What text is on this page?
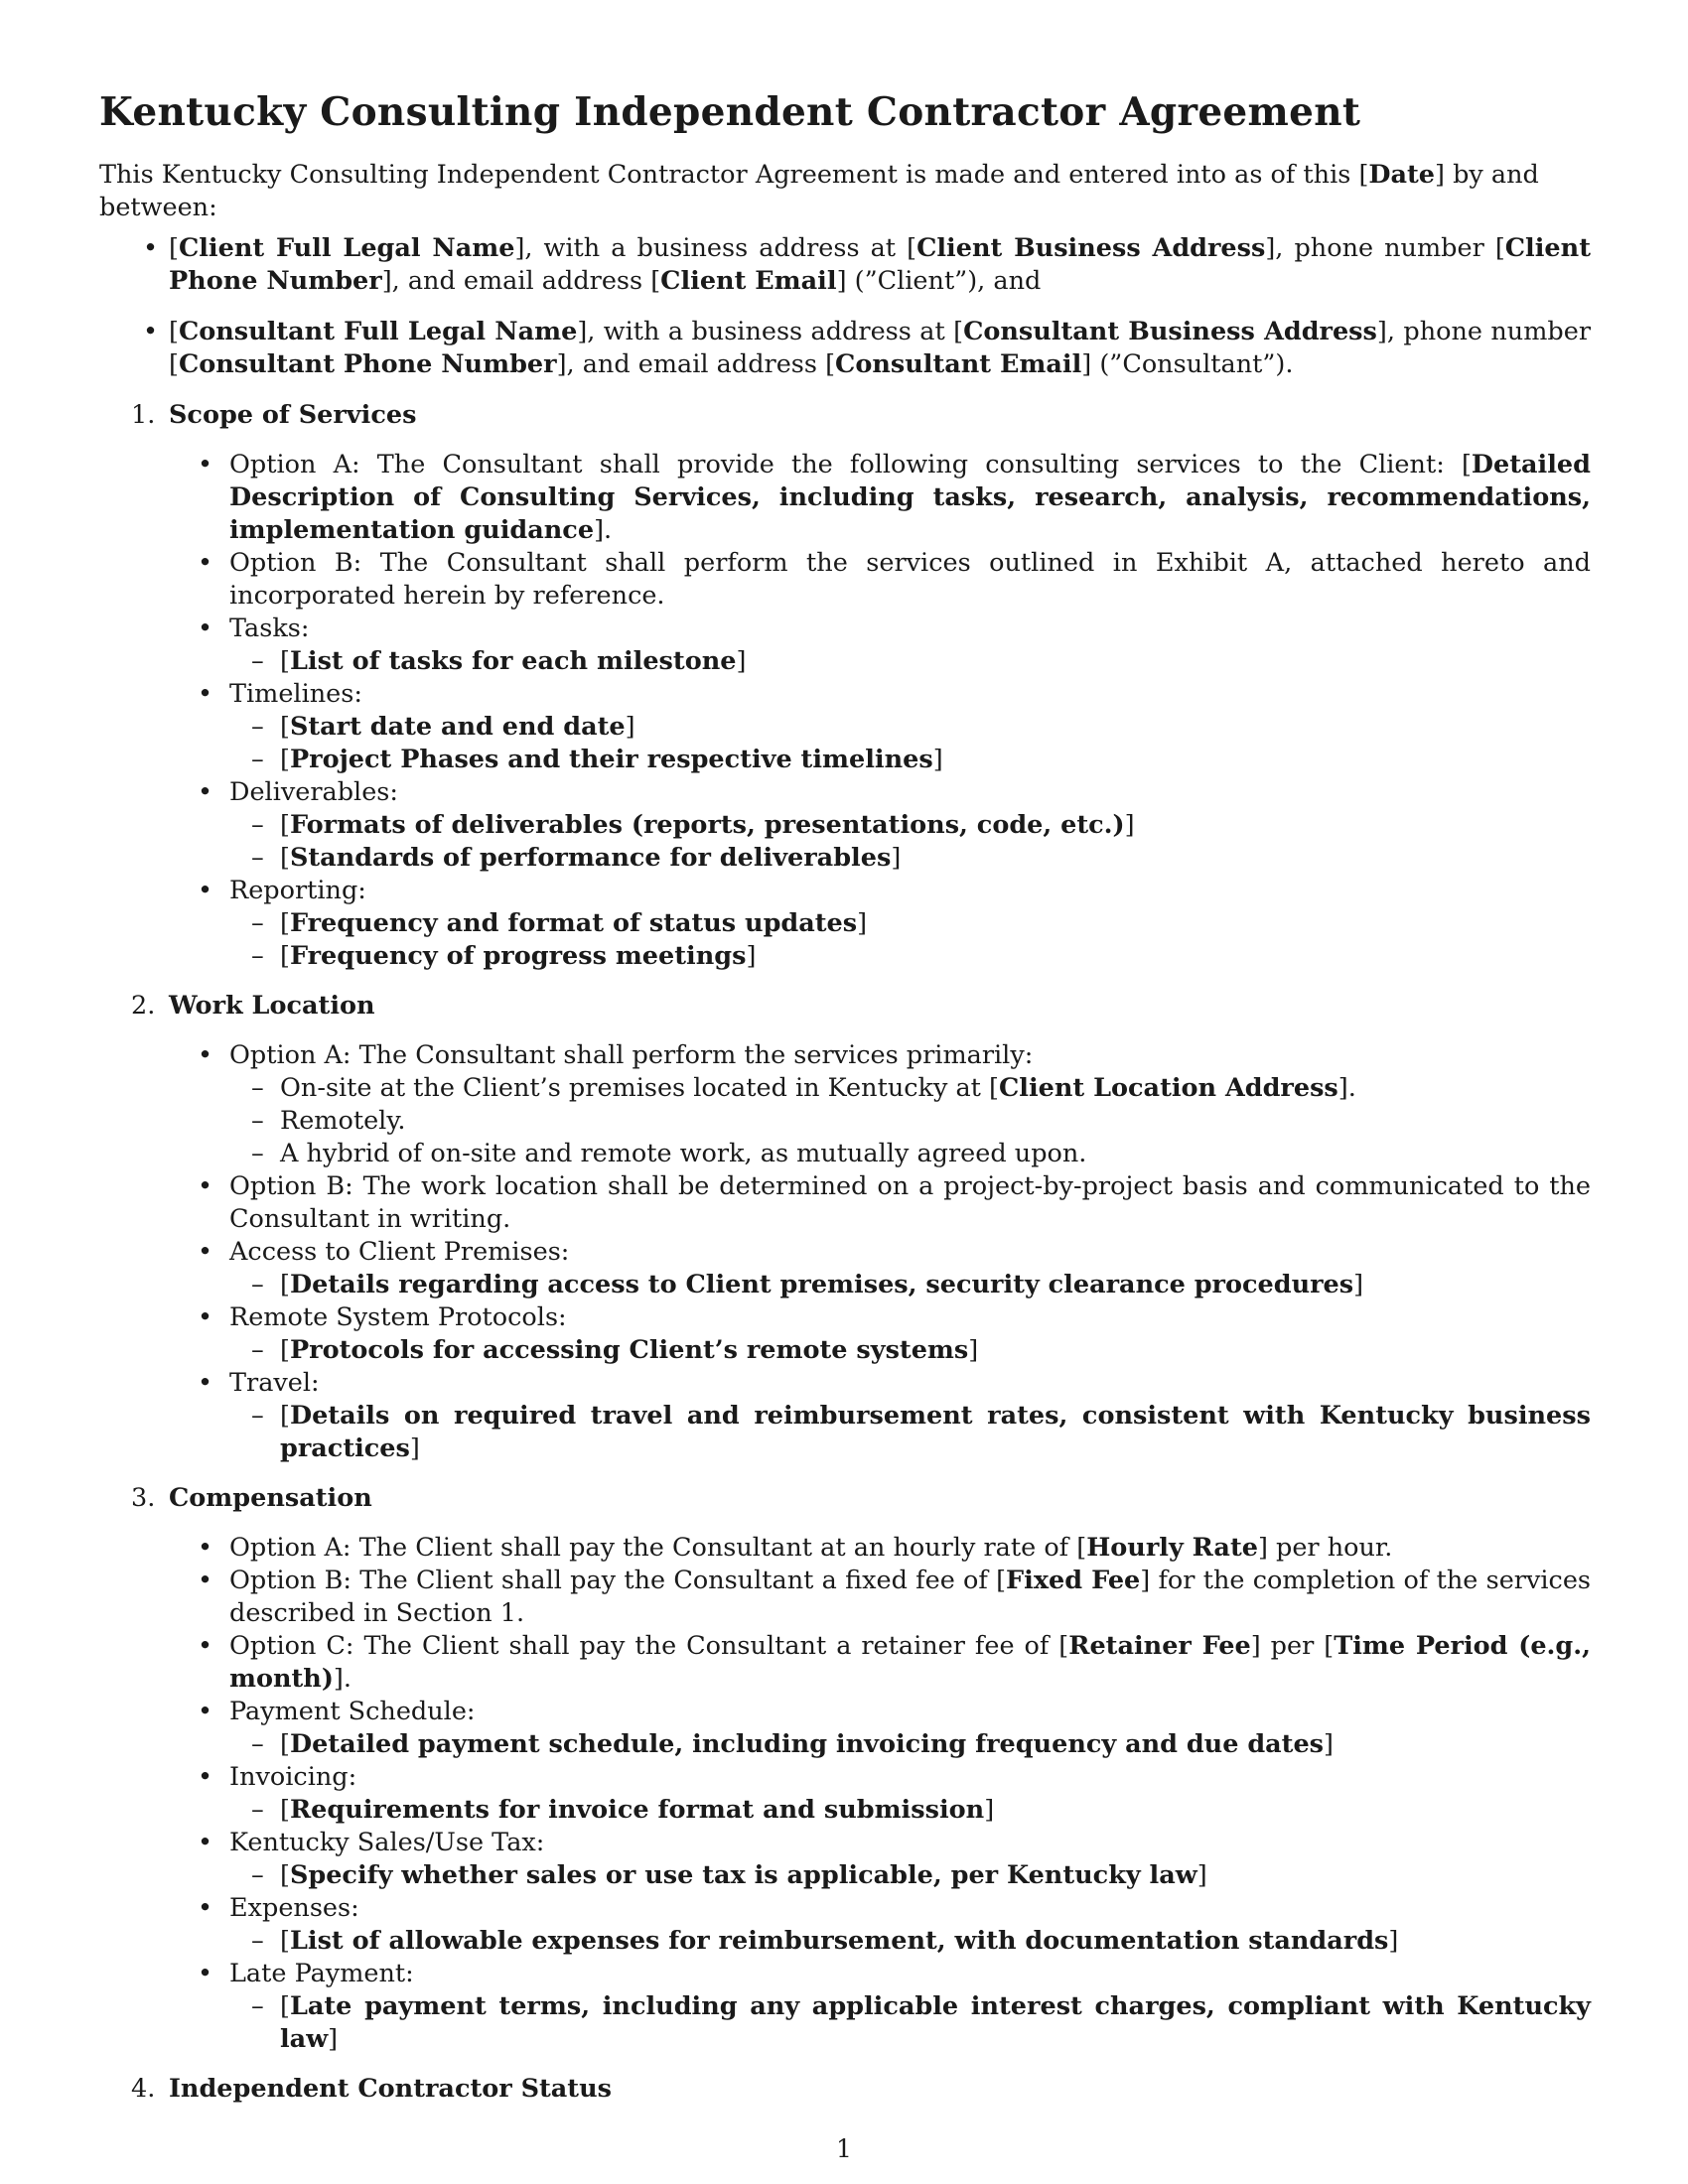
Kentucky Consulting Independent Contractor Agreement

This Kentucky Consulting Independent Contractor Agreement is made and entered into as of this [Date] by and between:

• [Client Full Legal Name], with a business address at [Client Business Address], phone number [Client Phone Number], and email address [Client Email] (”Client”), and
• [Consultant Full Legal Name], with a business address at [Consultant Business Address], phone number [Consultant Phone Number], and email address [Consultant Email] (”Consultant”).
1. Scope of Services
• Option A: The Consultant shall provide the following consulting services to the Client: [Detailed Description of Consulting Services, including tasks, research, analysis, recommendations, implementation guidance].
• Option B: The Consultant shall perform the services outlined in Exhibit A, attached hereto and incorporated herein by reference.
• Tasks:
– [List of tasks for each milestone]
• Timelines:
– [Start date and end date]
– [Project Phases and their respective timelines]
• Deliverables:
– [Formats of deliverables (reports, presentations, code, etc.)]
– [Standards of performance for deliverables]
• Reporting:
– [Frequency and format of status updates]
– [Frequency of progress meetings]
2. Work Location
• Option A: The Consultant shall perform the services primarily:
– On-site at the Client’s premises located in Kentucky at [Client Location Address].
– Remotely.
– A hybrid of on-site and remote work, as mutually agreed upon.
• Option B: The work location shall be determined on a project-by-project basis and communicated to the Consultant in writing.
• Access to Client Premises:
– [Details regarding access to Client premises, security clearance procedures]
• Remote System Protocols:
– [Protocols for accessing Client’s remote systems]
• Travel:
– [Details on required travel and reimbursement rates, consistent with Kentucky business practices]
3. Compensation
• Option A: The Client shall pay the Consultant at an hourly rate of [Hourly Rate] per hour.
• Option B: The Client shall pay the Consultant a fixed fee of [Fixed Fee] for the completion of the services described in Section 1.
• Option C: The Client shall pay the Consultant a retainer fee of [Retainer Fee] per [Time Period (e.g., month)].
• Payment Schedule:
– [Detailed payment schedule, including invoicing frequency and due dates]
• Invoicing:
– [Requirements for invoice format and submission]
• Kentucky Sales/Use Tax:
– [Specify whether sales or use tax is applicable, per Kentucky law]
• Expenses:
– [List of allowable expenses for reimbursement, with documentation standards]
• Late Payment:
– [Late payment terms, including any applicable interest charges, compliant with Kentucky law]
4. Independent Contractor Status
1
